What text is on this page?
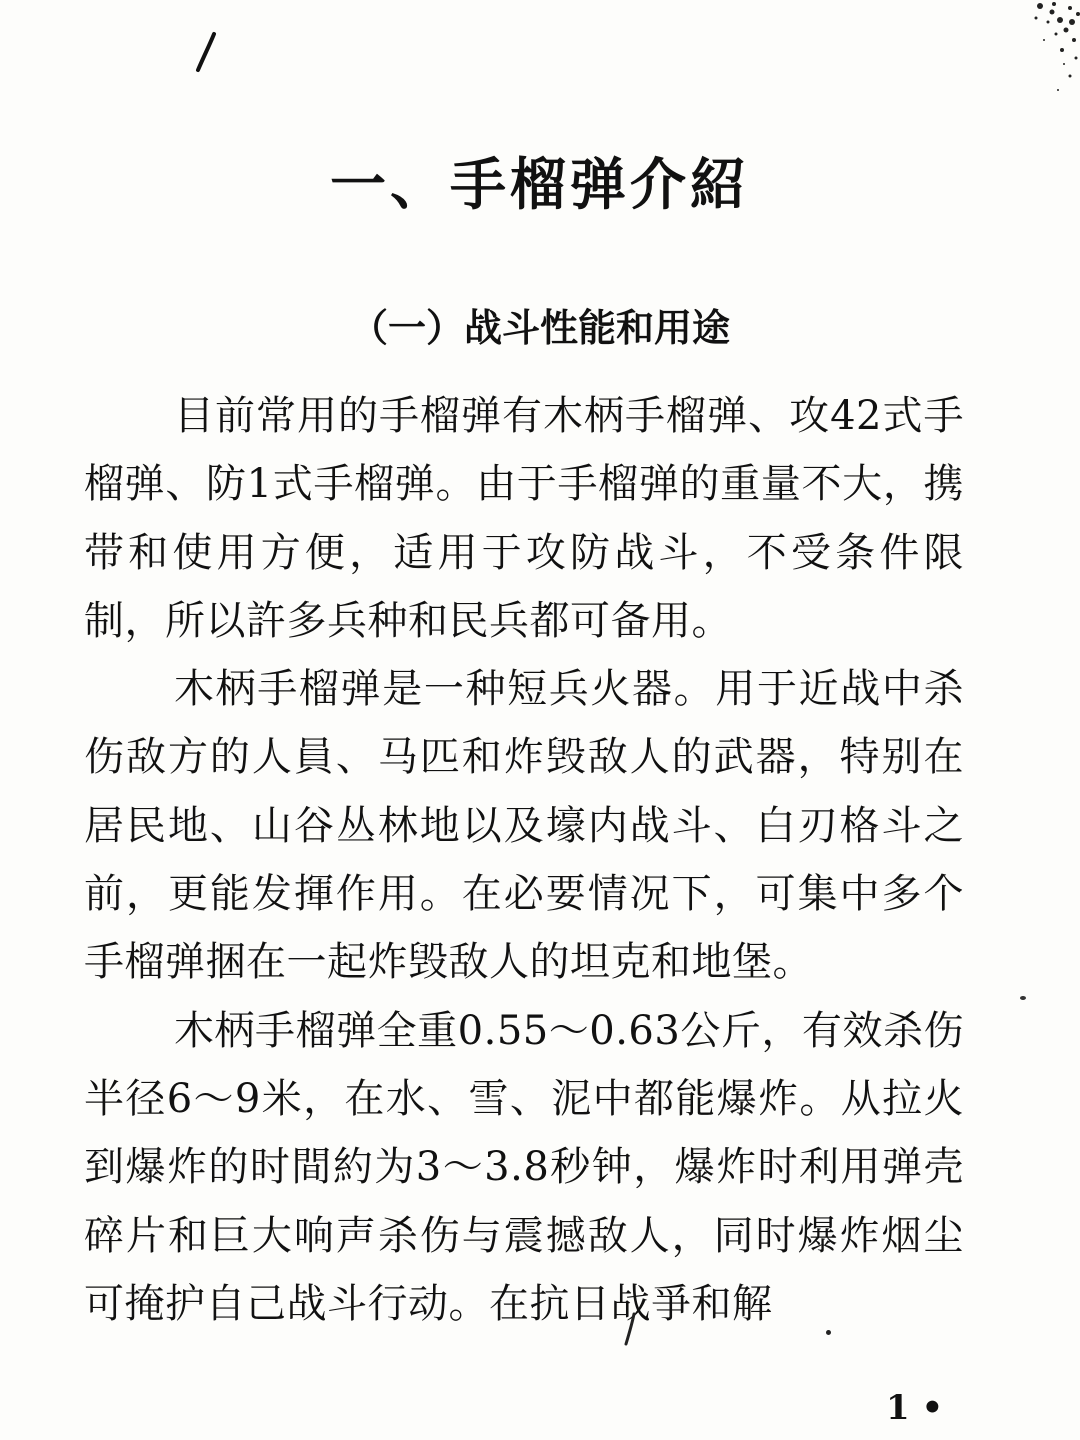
一、手榴弹介紹
（一）战斗性能和用途

目前常用的手榴弹有木柄手榴弹、攻42式手榴弹、防1式手榴弹。由于手榴弹的重量不大，携带和使用方便，适用于攻防战斗，不受条件限制，所以許多兵种和民兵都可备用。

木柄手榴弹是一种短兵火器。用于近战中杀伤敌方的人員、马匹和炸毁敌人的武器，特别在居民地、山谷丛林地以及壕内战斗、白刃格斗之前，更能发揮作用。在必要情况下，可集中多个手榴弹捆在一起炸毁敌人的坦克和地堡。

木柄手榴弹全重0.55～0.63公斤，有效杀伤半径6～9米，在水、雪、泥中都能爆炸。从拉火到爆炸的时間約为3～3.8秒钟，爆炸时利用弹壳碎片和巨大响声杀伤与震撼敌人，同时爆炸烟尘可掩护自己战斗行动。在抗日战爭和解

1 •
